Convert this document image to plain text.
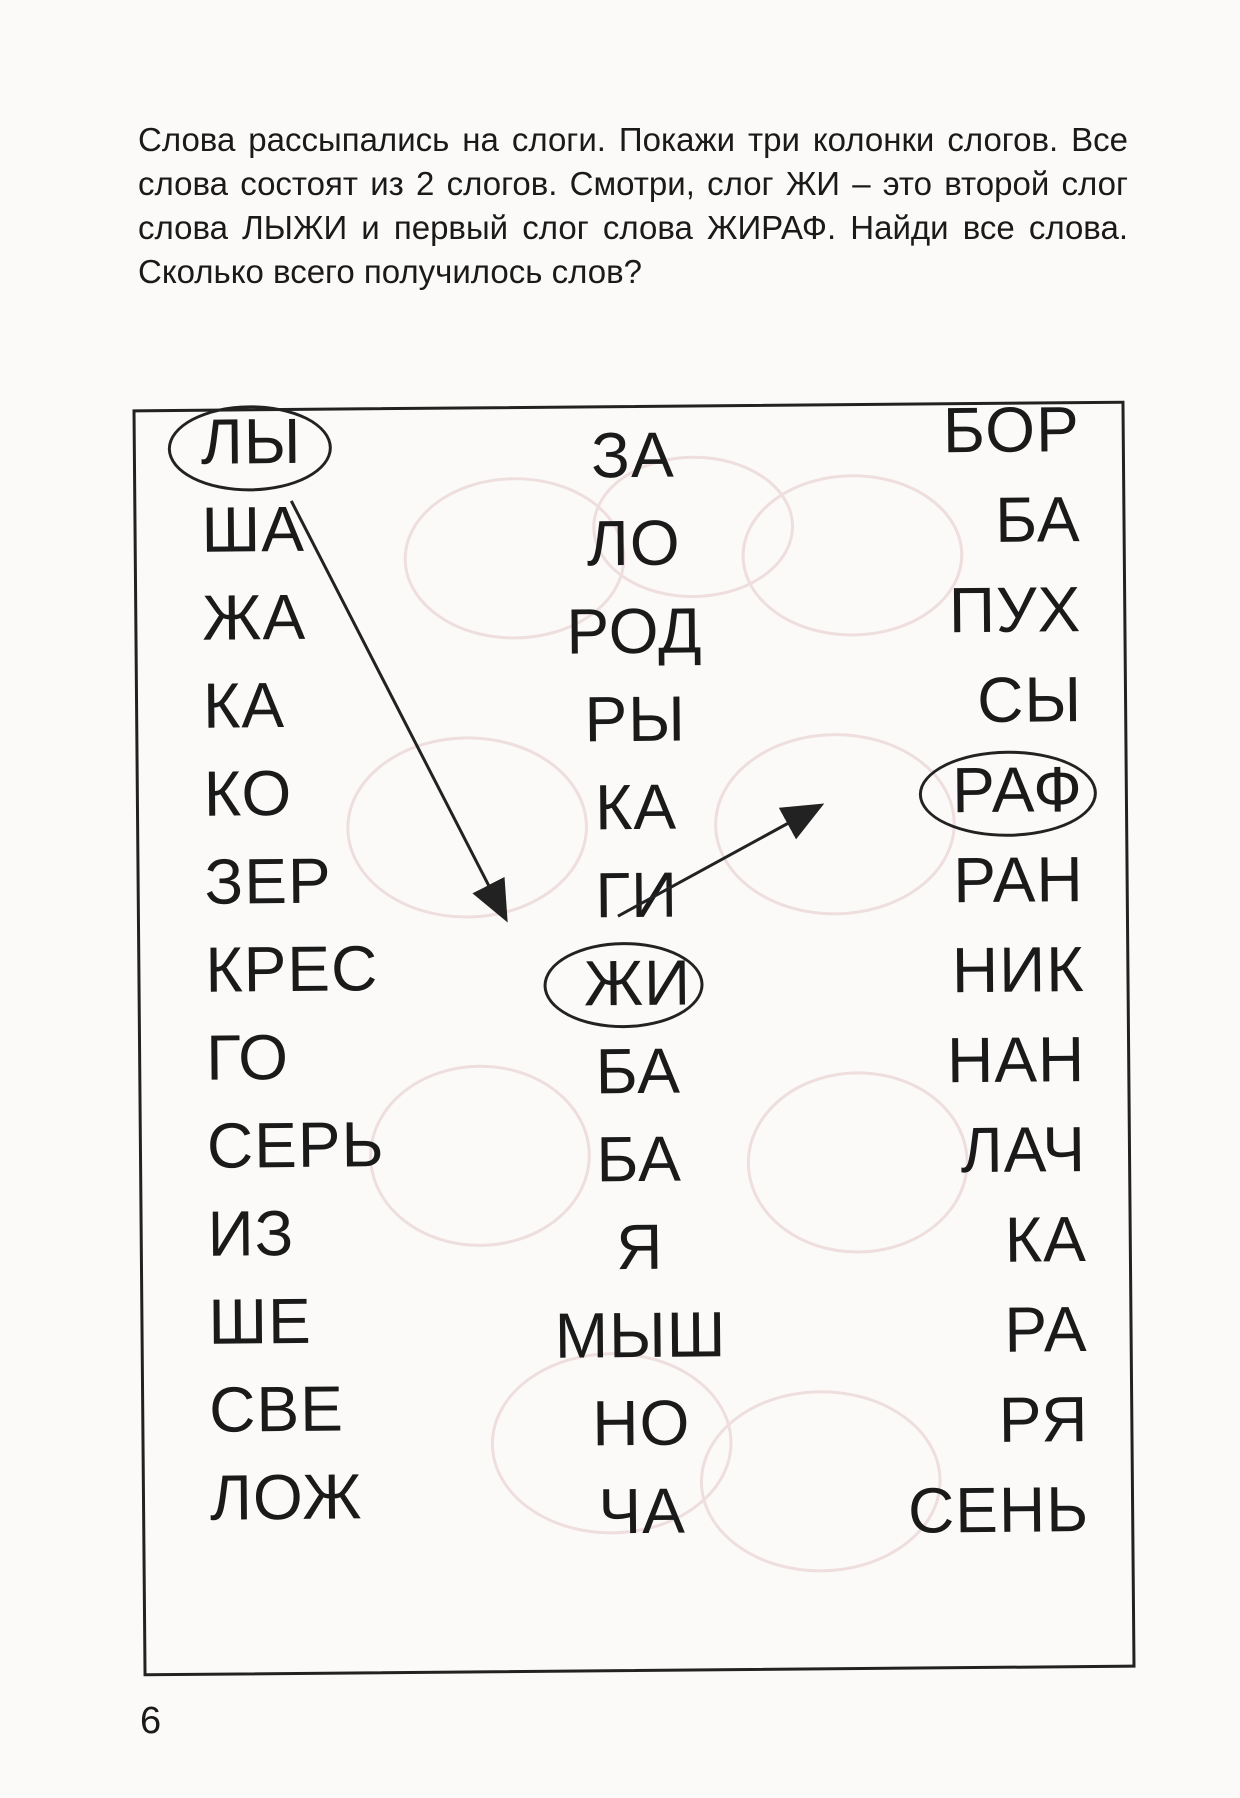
Слова рассыпались на слоги. Покажи три колонки слогов. Все слова состоят из 2 слогов. Смотри, слог ЖИ – это второй слог слова ЛЫЖИ и первый слог слова ЖИРАФ. Найди все слова. Сколько всего получилось слов?

ЛЫ
ША
ЖА
КА
КО
ЗЕР
КРЕС
ГО
СЕРЬ
ИЗ
ШЕ
СВЕ
ЛОЖ
ЗА
ЛО
РОД
РЫ
КА
ГИ
ЖИ
БА
БА
Я
МЫШ
НО
ЧА
БОР
БА
ПУХ
СЫ
РАФ
РАН
НИК
НАН
ЛАЧ
КА
РА
РЯ
СЕНЬ
6
